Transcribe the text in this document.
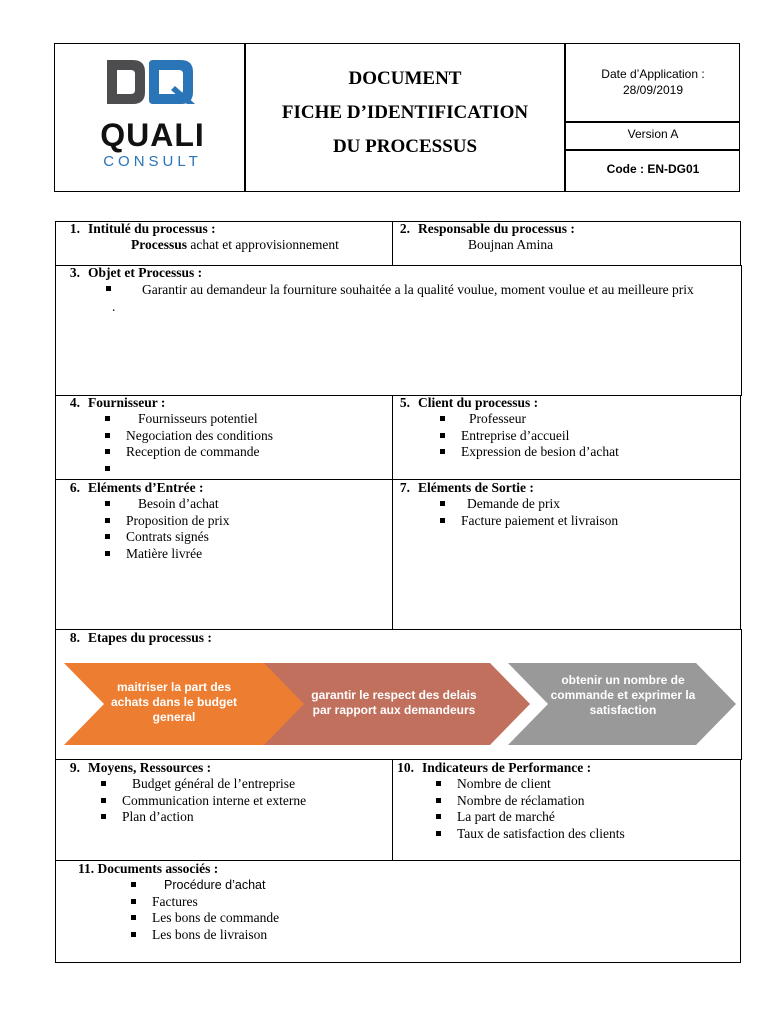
QUALI
CONSULT
DOCUMENT
FICHE D’IDENTIFICATION
DU PROCESSUS
Date d’Application :
28/09/2019
Version A
Code : EN-DG01
1. Intitulé du processus :
Processus achat et approvisionnement
2. Responsable du processus :
Boujnan Amina
3. Objet et Processus :
Garantir au demandeur la fourniture souhaitée a la qualité voulue, moment voulue et au meilleure prix .
4. Fournisseur :
Fournisseurs potentiel
Negociation des conditions
Reception de commande
5. Client du processus :
Professeur
Entreprise d’accueil
Expression de besion d’achat
6. Eléments d’Entrée :
Besoin d’achat
Proposition de prix
Contrats signés
Matière livrée
7. Eléments de Sortie :
Demande de prix
Facture paiement et livraison
8. Etapes du processus :
maitriser la part des achats dans le budget general
garantir le respect des delais par rapport aux demandeurs
obtenir un nombre de commande et exprimer la satisfaction
9. Moyens, Ressources :
Budget général de l’entreprise
Communication interne et externe
Plan d’action
10. Indicateurs de Performance :
Nombre de client
Nombre de réclamation
La part de marché
Taux de satisfaction des clients
11. Documents associés :
Procédure d’achat
Factures
Les bons de commande
Les bons de livraison
